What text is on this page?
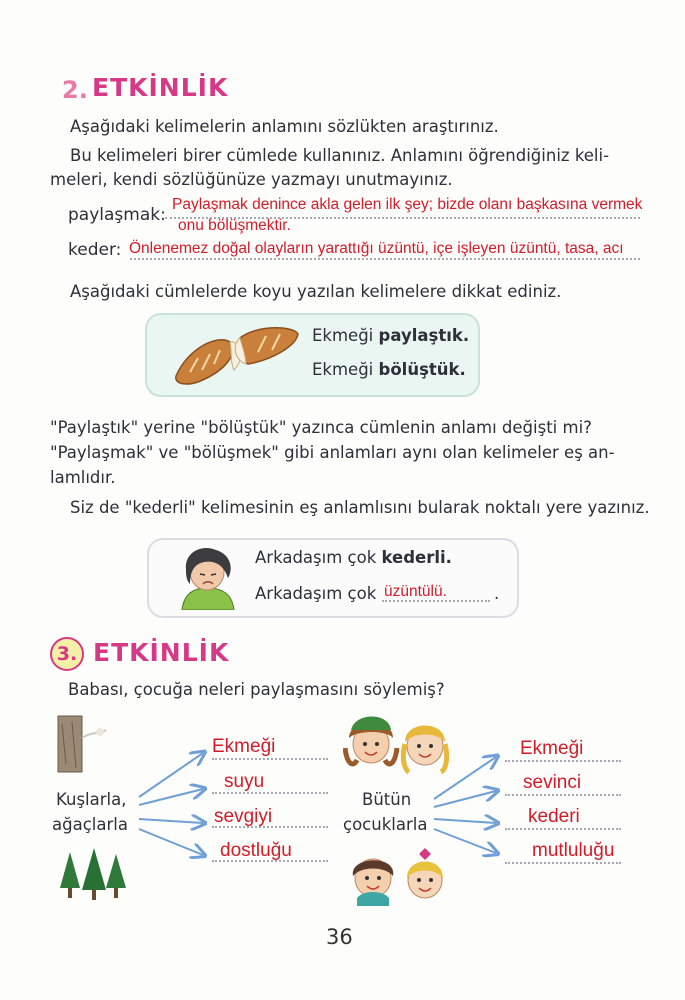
2. ETKİNLİK
Aşağıdaki kelimelerin anlamını sözlükten araştırınız.
Bu kelimeleri birer cümlede kullanınız. Anlamını öğrendiğiniz keli-
meleri, kendi sözlüğünüze yazmayı unutmayınız.
paylaşmak:
Paylaşmak denince akla gelen ilk şey; bizde olanı başkasına vermek
onu bölüşmektir.
keder: Önlenemez doğal olayların yarattığı üzüntü, içe işleyen üzüntü, tasa, acı
Aşağıdaki cümlelerde koyu yazılan kelimelere dikkat ediniz.
Ekmeği paylaştık.
Ekmeği bölüştük.
"Paylaştık" yerine "bölüştük" yazınca cümlenin anlamı değişti mi?
"Paylaşmak" ve "bölüşmek" gibi anlamları aynı olan kelimeler eş an-
lamlıdır.
Siz de "kederli" kelimesinin eş anlamlısını bularak noktalı yere yazınız.
Arkadaşım çok kederli.
Arkadaşım çok üzüntülü.	.
3. ETKİNLİK
Babası, çocuğa neleri paylaşmasını söylemiş?
Kuşlarla,
ağaçlarla
Ekmeği
suyu
sevgiyi
dostluğu
Bütün
çocuklarla
Ekmeği
sevinci
kederi
mutluluğu
36
